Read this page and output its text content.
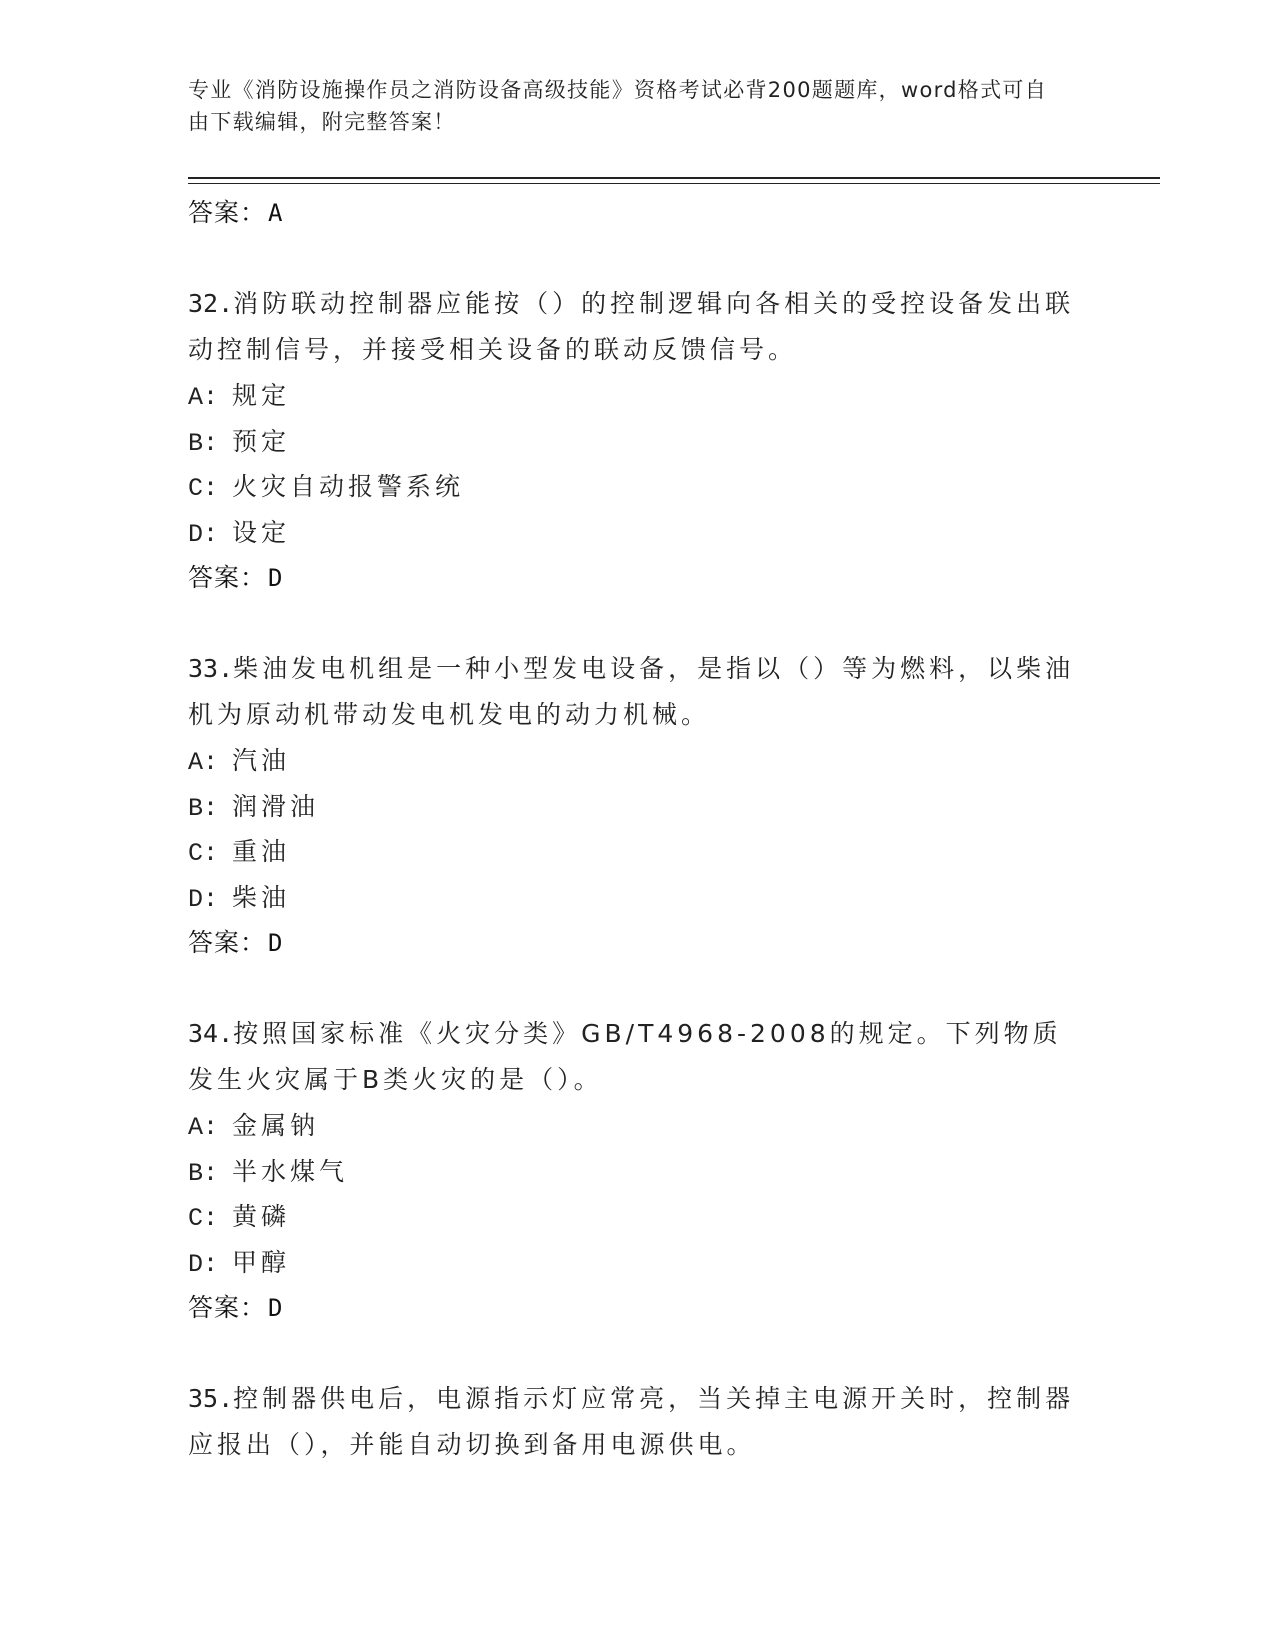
专业《消防设施操作员之消防设备高级技能》资格考试必背200题题库，word格式可自由下载编辑，附完整答案！
答案：A
32.消防联动控制器应能按（）的控制逻辑向各相关的受控设备发出联动控制信号，并接受相关设备的联动反馈信号。
A: 规定
B: 预定
C: 火灾自动报警系统
D: 设定
答案：D
33.柴油发电机组是一种小型发电设备，是指以（）等为燃料，以柴油机为原动机带动发电机发电的动力机械。
A: 汽油
B: 润滑油
C: 重油
D: 柴油
答案：D
34.按照国家标准《火灾分类》GB/T4968-2008的规定。下列物质发生火灾属于B类火灾的是（）。
A: 金属钠
B: 半水煤气
C: 黄磷
D: 甲醇
答案：D
35.控制器供电后，电源指示灯应常亮，当关掉主电源开关时，控制器应报出（），并能自动切换到备用电源供电。
